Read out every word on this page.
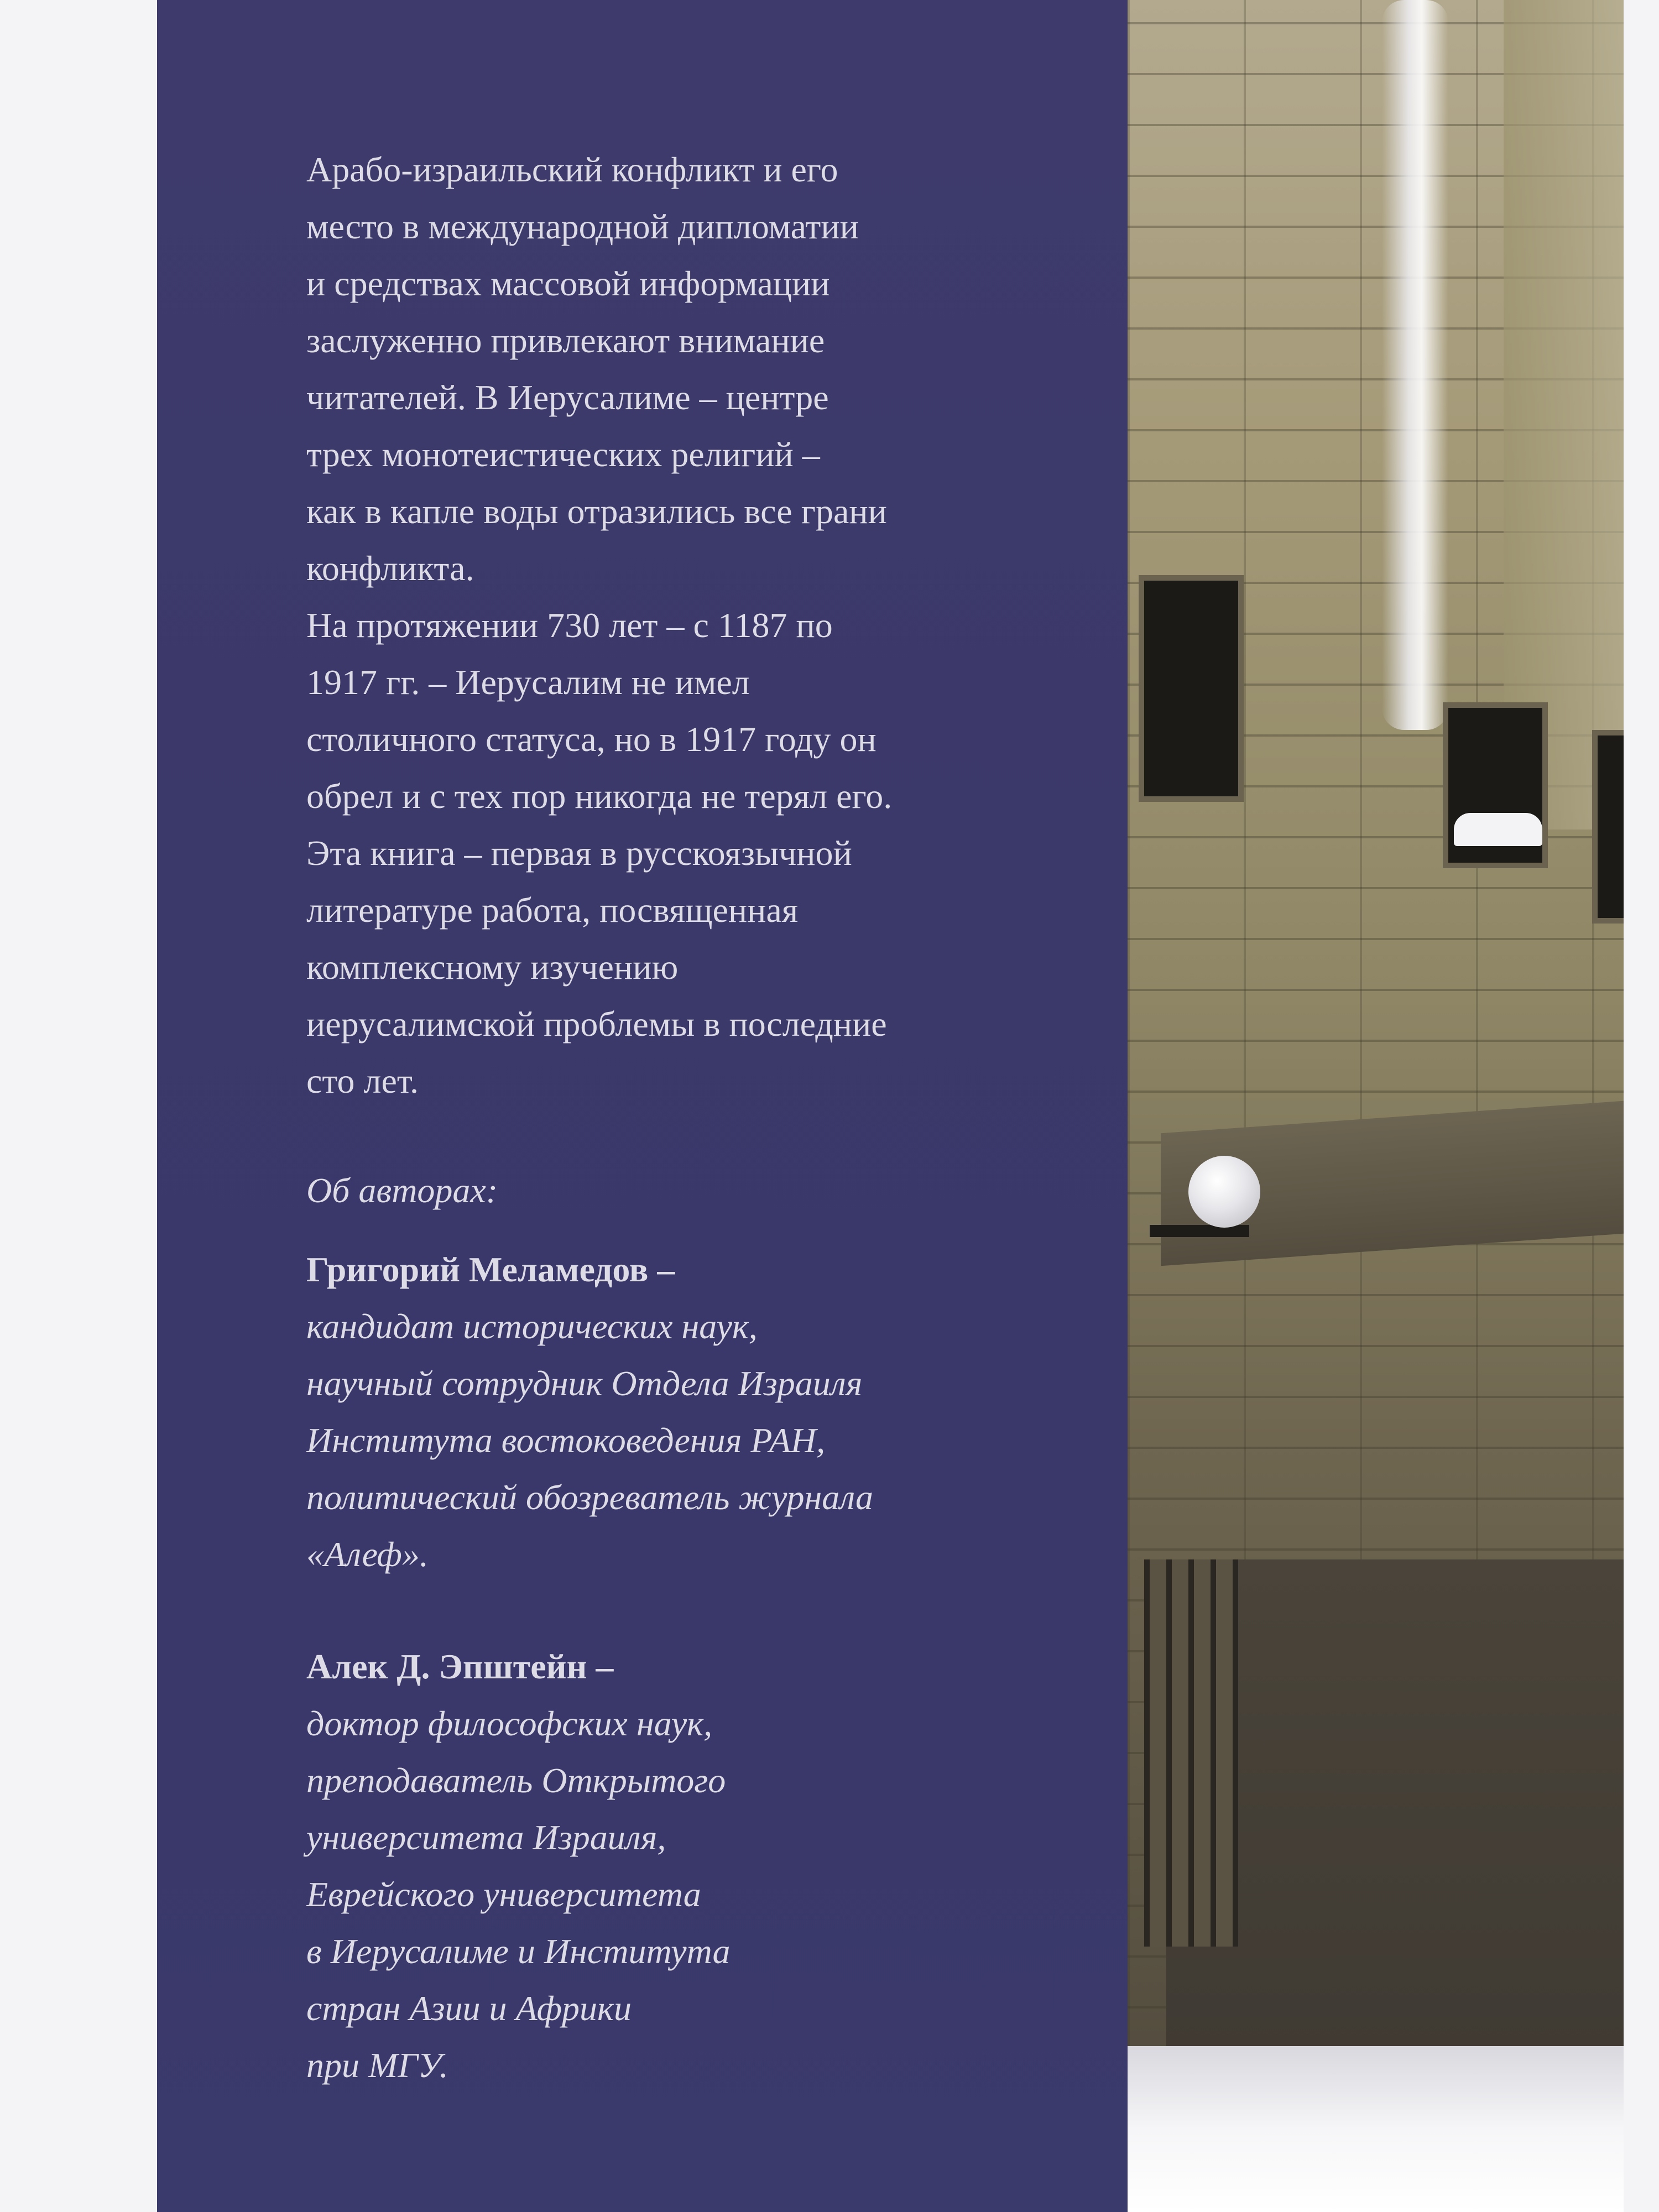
Арабо-израильский конфликт и его
место в международной дипломатии
и средствах массовой информации
заслуженно привлекают внимание
читателей. В Иерусалиме – центре
трех монотеистических религий –
как в капле воды отразились все грани
конфликта.

На протяжении 730 лет – с 1187 по
1917 гг. – Иерусалим не имел
столичного статуса, но в 1917 году он
обрел и с тех пор никогда не терял его.

Эта книга – первая в русскоязычной
литературе работа, посвященная
комплексному изучению
иерусалимской проблемы в последние
сто лет.

Об авторах:
Григорий Меламедов –
кандидат исторических наук,
научный сотрудник Отдела Израиля
Института востоковедения РАН,
политический обозреватель журнала
«Алеф».
Алек Д. Эпштейн –
доктор философских наук,
преподаватель Открытого
университета Израиля,
Еврейского университета
в Иерусалиме и Института
стран Азии и Африки
при МГУ.
